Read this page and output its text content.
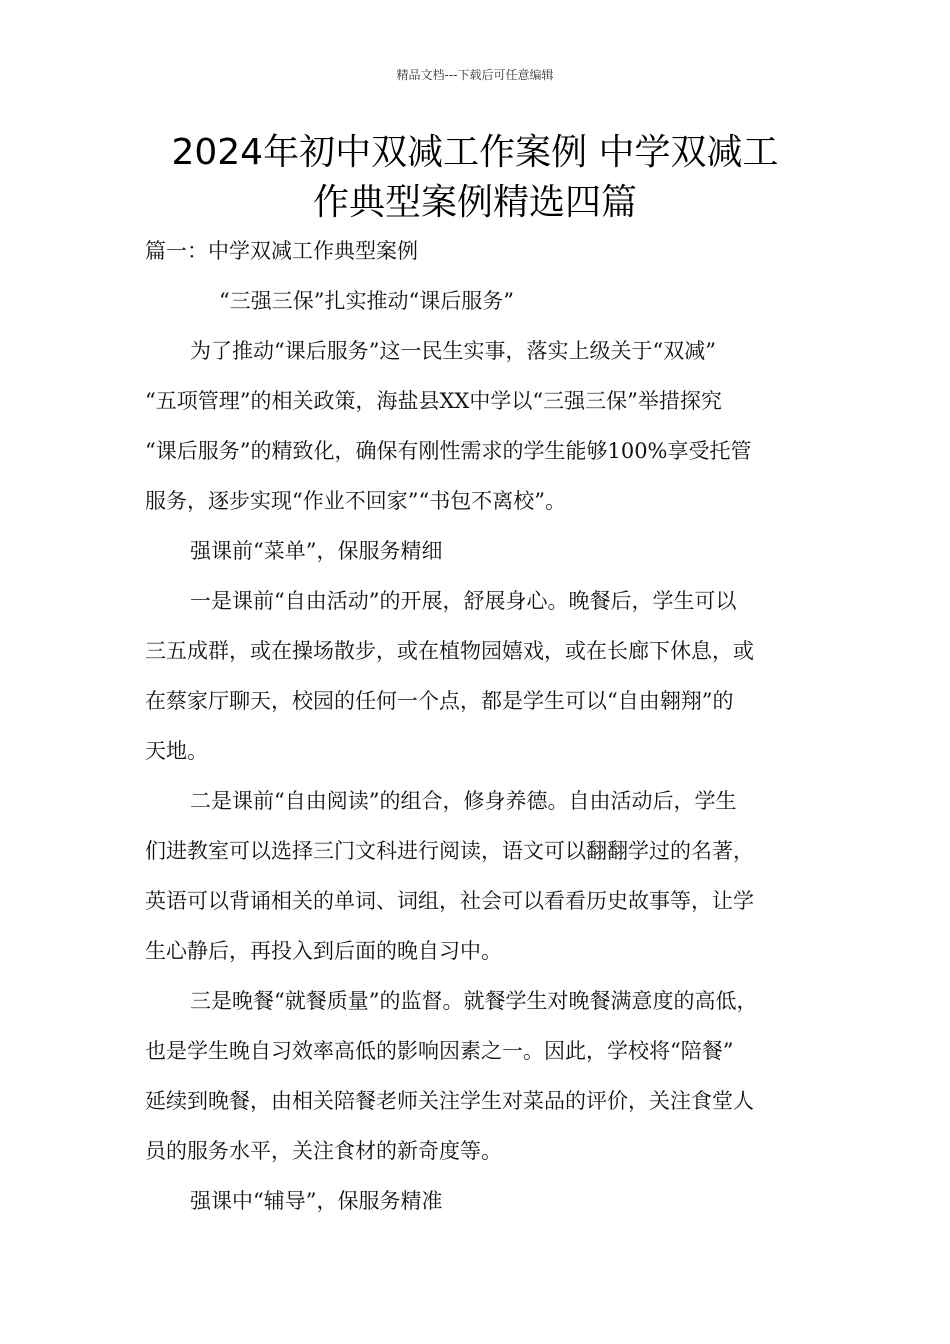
精品文档---下载后可任意编辑
2024年初中双减工作案例 中学双减工
作典型案例精选四篇
篇一：中学双减工作典型案例
“三强三保”扎实推动“课后服务”
为了推动“课后服务”这一民生实事，落实上级关于“双减”
“五项管理”的相关政策，海盐县XX中学以“三强三保”举措探究
“课后服务”的精致化，确保有刚性需求的学生能够100%享受托管
服务，逐步实现“作业不回家”“书包不离校”。
强课前“菜单”，保服务精细
一是课前“自由活动”的开展，舒展身心。晚餐后，学生可以
三五成群，或在操场散步，或在植物园嬉戏，或在长廊下休息，或
在蔡家厅聊天，校园的任何一个点，都是学生可以“自由翱翔”的
天地。
二是课前“自由阅读”的组合，修身养德。自由活动后，学生
们进教室可以选择三门文科进行阅读，语文可以翻翻学过的名著，
英语可以背诵相关的单词、词组，社会可以看看历史故事等，让学
生心静后，再投入到后面的晚自习中。
三是晚餐“就餐质量”的监督。就餐学生对晚餐满意度的高低，
也是学生晚自习效率高低的影响因素之一。因此，学校将“陪餐”
延续到晚餐，由相关陪餐老师关注学生对菜品的评价，关注食堂人
员的服务水平，关注食材的新奇度等。
强课中“辅导”，保服务精准
